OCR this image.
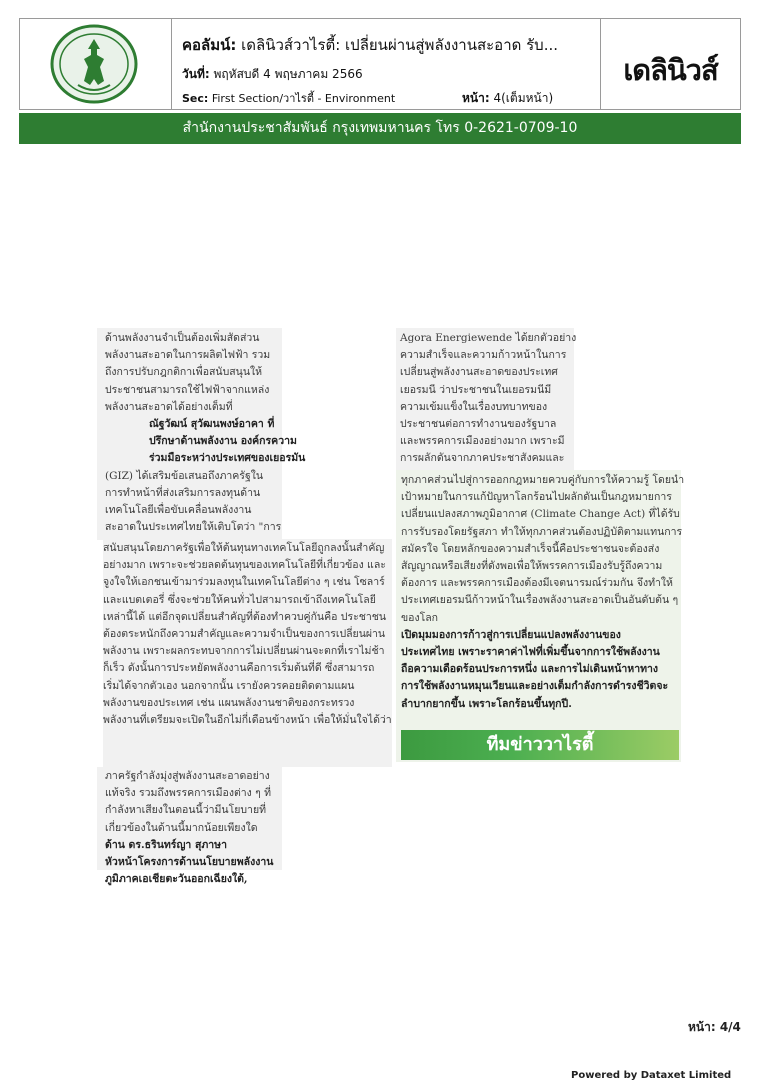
คอลัมน์: เดลินิวส์วาไรตี้: เปลี่ยนผ่านสู่พลังงานสะอาด รับ...
วันที่: พฤหัสบดี 4 พฤษภาคม 2566
Sec: First Section/วาไรตี้ - Environment	หน้า: 4(เต็มหน้า)
เดลินิวส์
สำนักงานประชาสัมพันธ์ กรุงเทพมหานคร โทร 0-2621-0709-10

ด้านพลังงานจำเป็นต้องเพิ่มสัดส่วน

พลังงานสะอาดในการผลิตไฟฟ้า รวม

ถึงการปรับกฎกติกาเพื่อสนับสนุนให้

ประชาชนสามารถใช้ไฟฟ้าจากแหล่ง

พลังงานสะอาดได้อย่างเต็มที่

ณัฐวัฒน์ สุวัฒนพงษ์อาคา ที่

ปรึกษาด้านพลังงาน องค์กรความ

ร่วมมือระหว่างประเทศของเยอรมัน

(GIZ) ได้เสริมข้อเสนอถึงภาครัฐใน

การทำหน้าที่ส่งเสริมการลงทุนด้าน

เทคโนโลยีเพื่อขับเคลื่อนพลังงาน

สะอาดในประเทศไทยให้เติบโตว่า "การ

สนับสนุนโดยภาครัฐเพื่อให้ต้นทุนทางเทคโนโลยีถูกลงนั้นสำคัญ

อย่างมาก เพราะจะช่วยลดต้นทุนของเทคโนโลยีที่เกี่ยวข้อง และ

จูงใจให้เอกชนเข้ามาร่วมลงทุนในเทคโนโลยีต่าง ๆ เช่น โซลาร์

และแบตเตอรี่ ซึ่งจะช่วยให้คนทั่วไปสามารถเข้าถึงเทคโนโลยี

เหล่านี้ได้ แต่อีกจุดเปลี่ยนสำคัญที่ต้องทำควบคู่กันคือ ประชาชน

ต้องตระหนักถึงความสำคัญและความจำเป็นของการเปลี่ยนผ่าน

พลังงาน เพราะผลกระทบจากการไม่เปลี่ยนผ่านจะตกที่เราไม่ช้า

ก็เร็ว ดังนั้นการประหยัดพลังงานคือการเริ่มต้นที่ดี ซึ่งสามารถ

เริ่มได้จากตัวเอง นอกจากนั้น เรายังควรคอยติดตามแผน

พลังงานของประเทศ เช่น แผนพลังงานชาติของกระทรวง

พลังงานที่เตรียมจะเปิดในอีกไม่กี่เดือนข้างหน้า เพื่อให้มั่นใจได้ว่า

ภาครัฐกำลังมุ่งสู่พลังงานสะอาดอย่าง

แท้จริง รวมถึงพรรคการเมืองต่าง ๆ ที่

กำลังหาเสียงในตอนนี้ว่ามีนโยบายที่

เกี่ยวข้องในด้านนี้มากน้อยเพียงใด

ด้าน ดร.ธรินทร์ญา สุภาษา

หัวหน้าโครงการด้านนโยบายพลังงาน

ภูมิภาคเอเชียตะวันออกเฉียงใต้,

Agora Energiewende ได้ยกตัวอย่าง

ความสำเร็จและความก้าวหน้าในการ

เปลี่ยนสู่พลังงานสะอาดของประเทศ

เยอรมนี ว่าประชาชนในเยอรมนีมี

ความเข้มแข็งในเรื่องบทบาทของ

ประชาชนต่อการทำงานของรัฐบาล

และพรรคการเมืองอย่างมาก เพราะมี

การผลักดันจากภาคประชาสังคมและ

ทุกภาคส่วนไปสู่การออกกฎหมายควบคู่กับการให้ความรู้ โดยนำ

เป้าหมายในการแก้ปัญหาโลกร้อนไปผลักดันเป็นกฎหมายการ

เปลี่ยนแปลงสภาพภูมิอากาศ (Climate Change Act) ที่ได้รับ

การรับรองโดยรัฐสภา ทำให้ทุกภาคส่วนต้องปฏิบัติตามแทนการ

สมัครใจ โดยหลักของความสำเร็จนี้คือประชาชนจะต้องส่ง

สัญญาณหรือเสียงที่ดังพอเพื่อให้พรรคการเมืองรับรู้ถึงความ

ต้องการ และพรรคการเมืองต้องมีเจตนารมณ์ร่วมกัน จึงทำให้

ประเทศเยอรมนีก้าวหน้าในเรื่องพลังงานสะอาดเป็นอันดับต้น ๆ

ของโลก

เปิดมุมมองการก้าวสู่การเปลี่ยนแปลงพลังงานของ

ประเทศไทย เพราะราคาค่าไฟที่เพิ่มขึ้นจากการใช้พลังงาน

ถือความเดือดร้อนประการหนึ่ง และการไม่เดินหน้าหาทาง

การใช้พลังงานหมุนเวียนและอย่างเต็มกำลังการดำรงชีวิตจะ

ลำบากยากขึ้น เพราะโลกร้อนขึ้นทุกปี.

ทีมข่าววาไรตี้
หน้า: 4/4
Powered by Dataxet Limited
